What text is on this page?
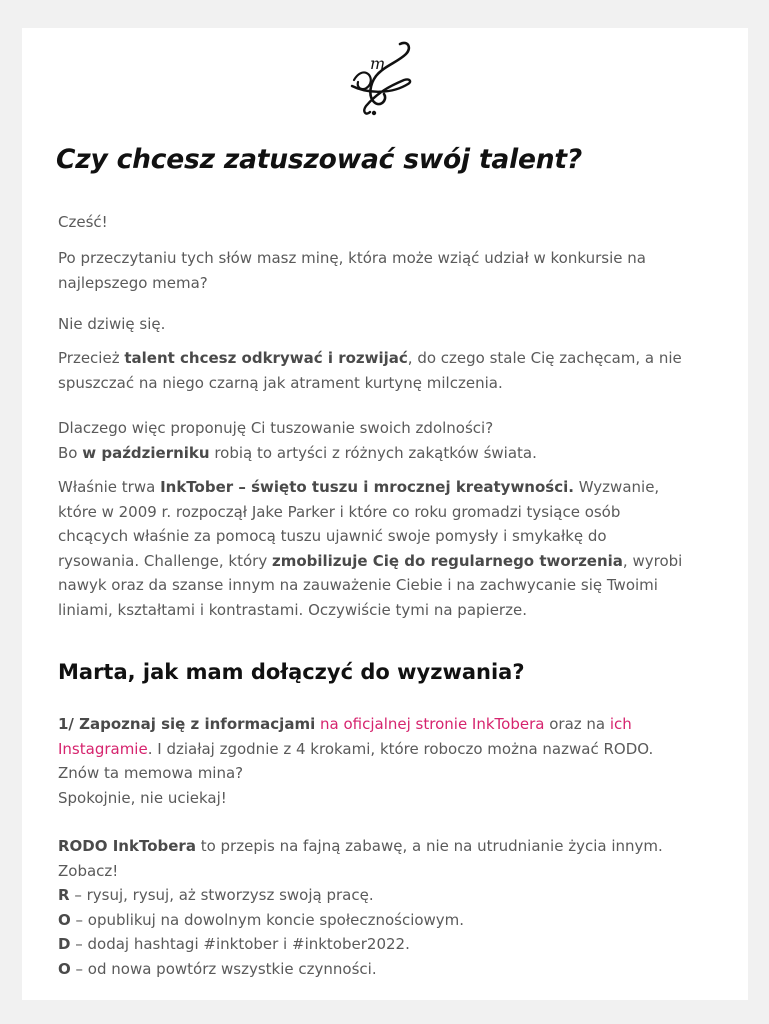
m
Czy chcesz zatuszować swój talent?

Cześć!

Po przeczytaniu tych słów masz minę, która może wziąć udział w konkursie na
najlepszego mema?

Nie dziwię się.

Przecież talent chcesz odkrywać i rozwijać, do czego stale Cię zachęcam, a nie
spuszczać na niego czarną jak atrament kurtynę milczenia.

Dlaczego więc proponuję Ci tuszowanie swoich zdolności?
Bo w październiku robią to artyści z różnych zakątków świata.

Właśnie trwa InkTober – święto tuszu i mrocznej kreatywności. Wyzwanie,
które w 2009 r. rozpoczął Jake Parker i które co roku gromadzi tysiące osób
chcących właśnie za pomocą tuszu ujawnić swoje pomysły i smykałkę do
rysowania. Challenge, który zmobilizuje Cię do regularnego tworzenia, wyrobi
nawyk oraz da szanse innym na zauważenie Ciebie i na zachwycanie się Twoimi
liniami, kształtami i kontrastami. Oczywiście tymi na papierze.

Marta, jak mam dołączyć do wyzwania?

1/ Zapoznaj się z informacjami na oficjalnej stronie InkTobera oraz na ich
Instagramie. I działaj zgodnie z 4 krokami, które roboczo można nazwać RODO.
Znów ta memowa mina?
Spokojnie, nie uciekaj!

RODO InkTobera to przepis na fajną zabawę, a nie na utrudnianie życia innym.
Zobacz!
R – rysuj, rysuj, aż stworzysz swoją pracę.
O – opublikuj na dowolnym koncie społecznościowym.
D – dodaj hashtagi #inktober i #inktober2022.
O – od nowa powtórz wszystkie czynności.
